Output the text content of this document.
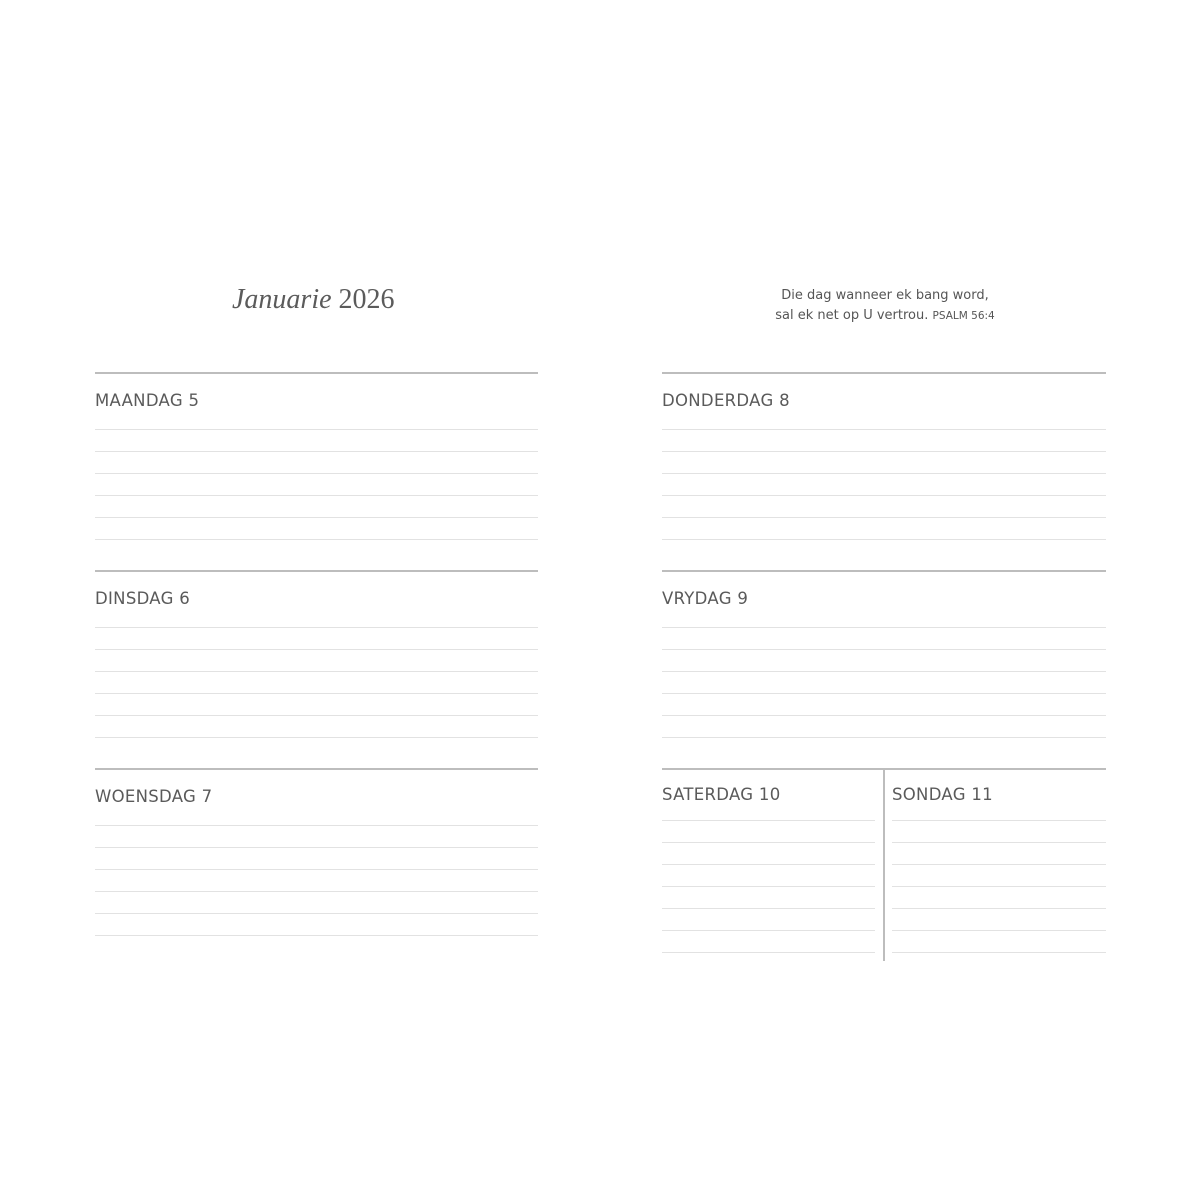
Januarie 2026	Die dag wanneer ek bang word,
sal ek net op U vertrou. PSALM 56:4
MAANDAG 5
DINSDAG 6
WOENSDAG 7
DONDERDAG 8
VRYDAG 9
SATERDAG 10	SONDAG 11
